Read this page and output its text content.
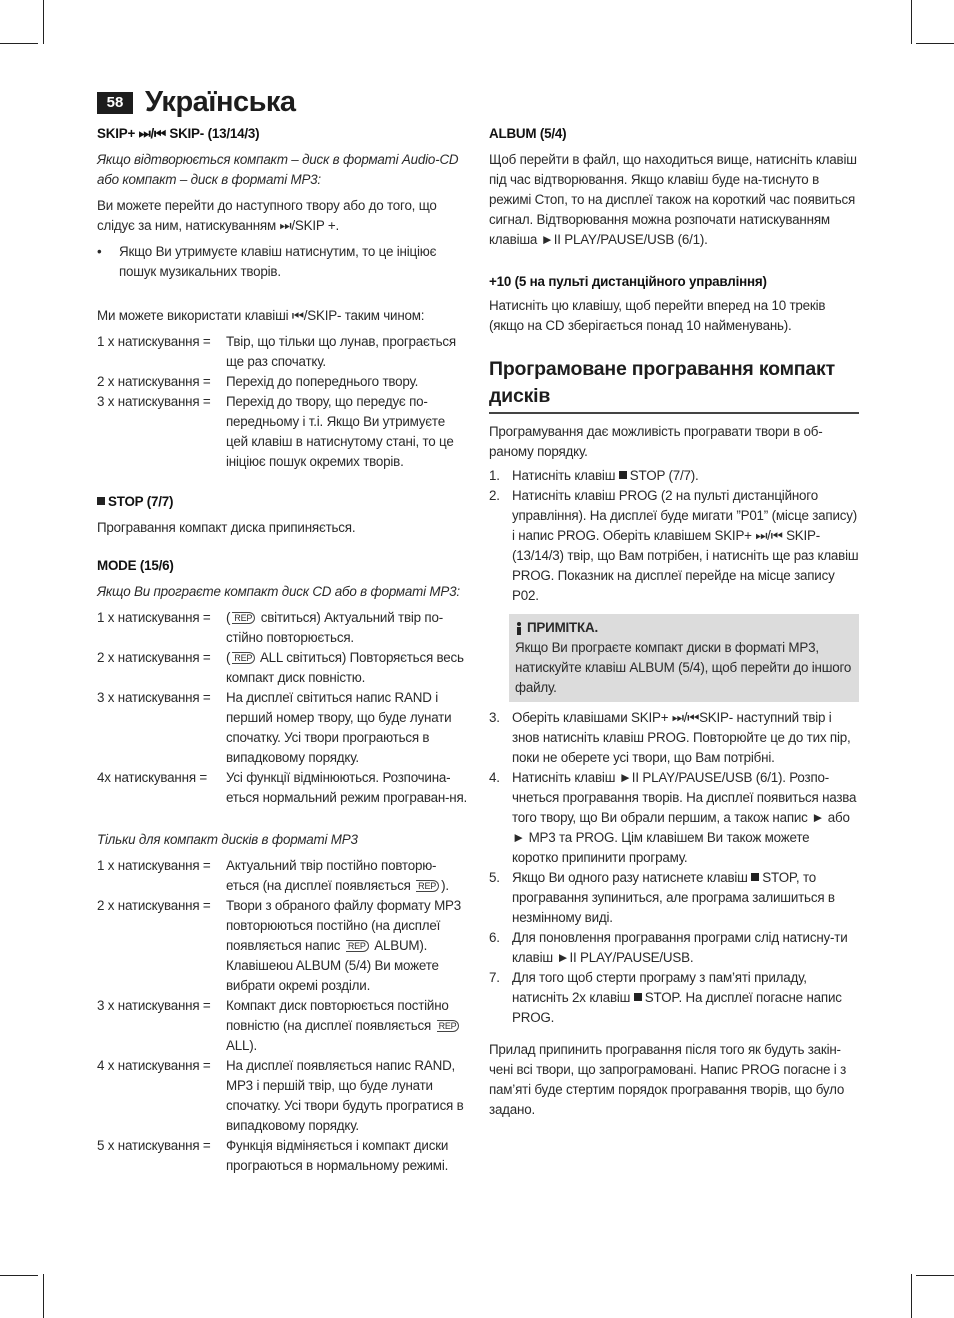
58 Українська

SKIP+ ⏭/⏮ SKIP- (13/14/3)

Якщо відтворюється компакт – диск в форматі Audio-CD або компакт – диск в форматі MP3:

Ви можете перейти до наступного твору або до того, що слідує за ним, натискуванням ⏭/SKIP +.

•	Якщо Ви утримуєте клавіш натиснутим, то це ініціює пошук музикальних творів.

Ми можете використати клавіші ⏮/SKIP- таким чином:

1 x натискування =	Твір, що тільки що лунав, програється ще раз спочатку.
2 x натискування =	Перехід до попереднього твору.
3 x натискування =	Перехід до твору, що передує по-передньому і т.і. Якщо Ви утримуєте цей клавіш в натиснутому стані, то це ініціює пошук окремих творів.

STOP (7/7)

Програвання компакт диска припиняється.

MODE (15/6)

Якщо Ви програєте компакт диск CD або в форматі MP3:

1 x натискування =	( REP світиться) Актуальний твір по-стійно повторюється.
2 x натискування =	( REP ALL світиться) Повторяється весь компакт диск повністю.
3 x натискування =	На дисплеї світиться напис RAND і перший номер твору, що буде лунати спочатку. Усі твори програються в випадковому порядку.
4x натискування =	Усі функції відмінюються. Розпочина-еться нормальний режим програван-ня.

Тільки для компакт дисків в форматі MP3

1 x натискування =	Актуальний твір постійно повторю-еться (на дисплеї появляється REP ).
2 x натискування =	Твори з обраного файлу формату MP3 повторюються постійно (на дисплеї появляється напис REP ALBUM). Клавішеюu ALBUM (5/4) Ви можете вибрати окремі розділи.
3 x натискування =	Компакт диск повторюється постійно повністю (на дисплеї появляється REP ALL).
4 x натискування =	На дисплеї появляється напис RAND, MP3 і першій твір, що буде лунати спочатку. Усі твори будуть програтися в випадковому порядку.
5 x натискування =	Функція відміняється і компакт диски програються в нормальному режимі.

ALBUM (5/4)

Щоб перейти в файл, що находиться вище, натисніть клавіш під час відтворювання. Якщо клавіш буде на-тиснуто в режимі Стоп, то на дисплеї також на короткий час появиться сигнал. Відтворювання можна розпочати натискуванням клавіша ►II PLAY/PAUSE/USB (6/1).

+10 (5 на пульті дистанційного управління)

Натисніть цю клавішу, щоб перейти вперед на 10 треків (якщо на CD зберігається понад 10 найменувань).

Програмоване програвання компакт дисків

Програмування дає можливість програвати твори в об-раному порядку.

1. Натисніть клавіш STOP (7/7).
2. Натисніть клавіш PROG (2 на пульті дистанційного управління). На дисплеї буде мигати ”P01” (місце запису) і напис PROG. Оберіть клавішем SKIP+ ⏭/⏮ SKIP- (13/14/3) твір, що Вам потрібен, і натисніть ще раз клавіш PROG. Показник на дисплеї перейде на місце запису P02.
ПРИМІТКА.
Якщо Ви програєте компакт диски в форматі MP3, натискуйте клавіш ALBUM (5/4), щоб перейти до іншого файлу.
3. Оберіть клавішами SKIP+ ⏭/⏮SKIP- наступний твір і знов натисніть клавіш PROG. Повторюйте це до тих пір, поки не оберете усі твори, що Вам потрібні.
4. Натисніть клавіш ►II PLAY/PAUSE/USB (6/1). Розпо-чнеться програвання творів. На дисплеї появиться назва того твору, що Ви обрали першим, а також напис ► або ► MP3 та PROG. Цім клавішем Ви також можете коротко припинити програму.
5. Якщо Ви одного разу натиснете клавіш STOP, то програвання зупиниться, але програма залишиться в незмінному виді.
6. Для поновлення програвання програми слід натисну-ти клавіш ►II PLAY/PAUSE/USB.
7. Для того щоб стерти програму з пам’яті приладу, натисніть 2х клавіш STOP. На дисплеї погасне напис PROG.

Прилад припинить програвання після того як будуть закін-чені всі твори, що запрограмовані. Напис PROG погасне і з пам’яті буде стертим порядок програвання творів, що було задано.
